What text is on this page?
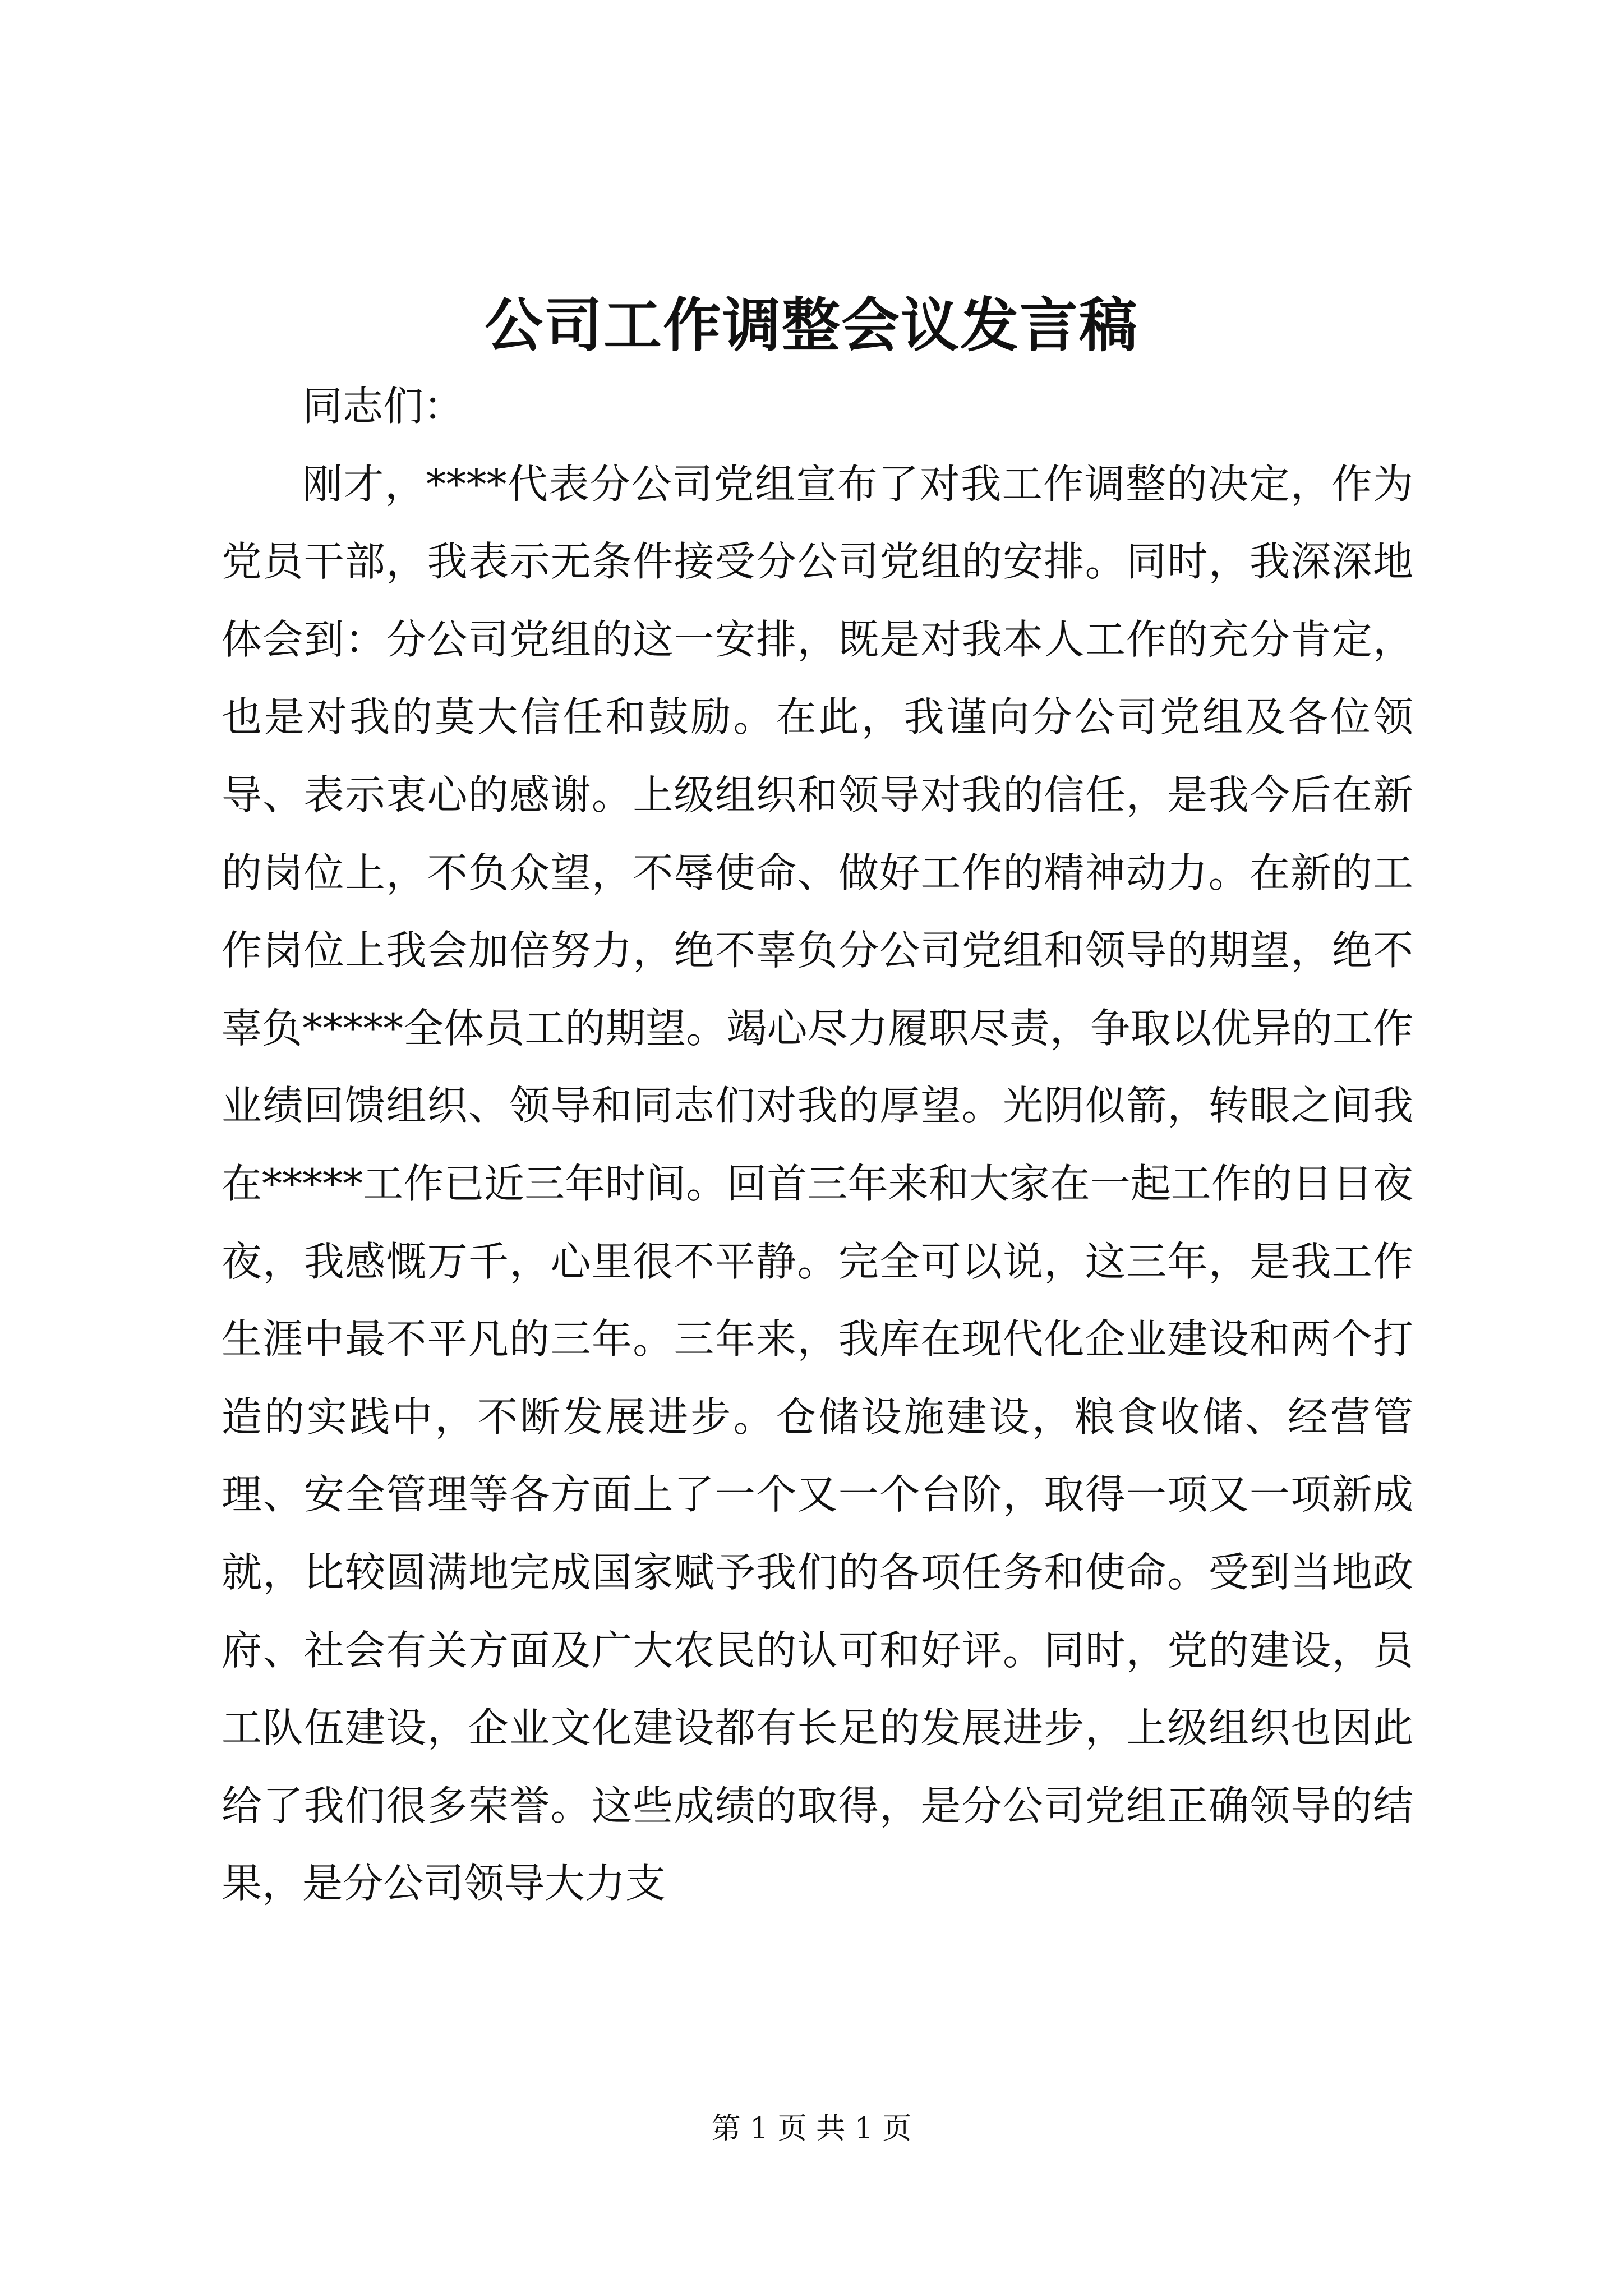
公司工作调整会议发言稿

同志们：

刚才，****代表分公司党组宣布了对我工作调整的决定，作为党员干部，我表示无条件接受分公司党组的安排。同时，我深深地体会到：分公司党组的这一安排，既是对我本人工作的充分肯定，也是对我的莫大信任和鼓励。在此，我谨向分公司党组及各位领导、表示衷心的感谢。上级组织和领导对我的信任，是我今后在新的岗位上，不负众望，不辱使命、做好工作的精神动力。在新的工作岗位上我会加倍努力，绝不辜负分公司党组和领导的期望，绝不辜负*****全体员工的期望。竭心尽力履职尽责，争取以优异的工作业绩回馈组织、领导和同志们对我的厚望。光阴似箭，转眼之间我在*****工作已近三年时间。回首三年来和大家在一起工作的日日夜夜，我感慨万千，心里很不平静。完全可以说，这三年，是我工作生涯中最不平凡的三年。三年来，我库在现代化企业建设和两个打造的实践中，不断发展进步。仓储设施建设，粮食收储、经营管理、安全管理等各方面上了一个又一个台阶，取得一项又一项新成就，比较圆满地完成国家赋予我们的各项任务和使命。受到当地政府、社会有关方面及广大农民的认可和好评。同时，党的建设，员工队伍建设，企业文化建设都有长足的发展进步，上级组织也因此给了我们很多荣誉。这些成绩的取得，是分公司党组正确领导的结果，是分公司领导大力支

第 1 页 共 1 页
